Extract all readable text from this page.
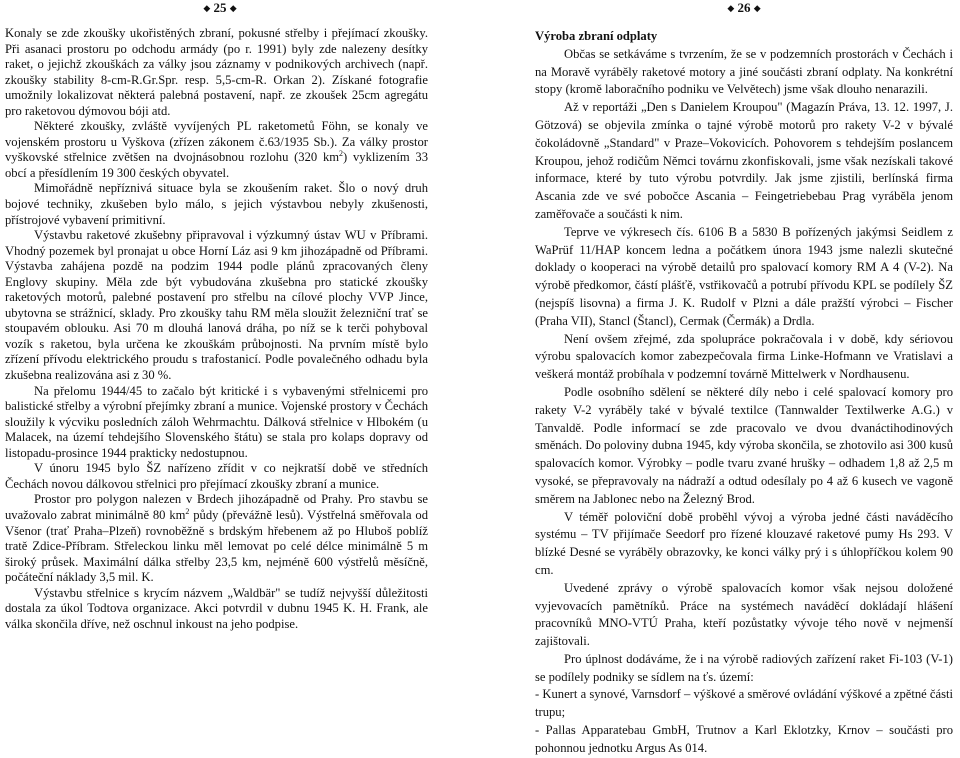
◆ 25 ◆

Konaly se zde zkoušky ukořistěných zbraní, pokusné střelby i přejímací zkoušky. Při asanaci prostoru po odchodu armády (po r. 1991) byly zde nalezeny desítky raket, o jejichž zkouškách za války jsou záznamy v podnikových archivech (např. zkoušky stability 8-cm-R.Gr.Spr. resp. 5,5-cm-R. Orkan 2). Získané fotografie umožnily lokalizovat některá palebná postavení, např. ze zkoušek 25cm agregátu pro raketovou dýmovou bóji atd.

Některé zkoušky, zvláště vyvíjených PL raketometů Föhn, se konaly ve vojenském prostoru u Vyškova (zřízen zákonem č.63/1935 Sb.). Za války prostor vyškovské střelnice zvětšen na dvojnásobnou rozlohu (320 $km^2$) vyklizením 33 obcí a přesídlením 19 300 českých obyvatel.

Mimořádně nepříznivá situace byla se zkoušením raket. Šlo o nový druh bojové techniky, zkušeben bylo málo, s jejich výstavbou nebyly zkušenosti, přístrojové vybavení primitivní.

Výstavbu raketové zkušebny připravoval i výzkumný ústav WU v Příbrami. Vhodný pozemek byl pronajat u obce Horní Láz asi 9 km jihozápadně od Příbrami. Výstavba zahájena pozdě na podzim 1944 podle plánů zpracovaných členy Englovy skupiny. Měla zde být vybudována zkušebna pro statické zkoušky raketových motorů, palebné postavení pro střelbu na cílové plochy VVP Jince, ubytovna se strážnicí, sklady. Pro zkoušky tahu RM měla sloužit železniční trať se stoupavém oblouku. Asi 70 m dlouhá lanová dráha, po níž se k terči pohyboval vozík s raketou, byla určena ke zkouškám průbojnosti. Na prvním místě bylo zřízení přívodu elektrického proudu s trafostanicí. Podle povalečného odhadu byla zkušebna realizována asi z 30 %.

Na přelomu 1944/45 to začalo být kritické i s vybavenými střelnicemi pro balistické střelby a výrobní přejímky zbraní a munice. Vojenské prostory v Čechách sloužily k výcviku posledních záloh Wehrmachtu. Dálková střelnice v Hlbokém (u Malacek, na území tehdejšího Slovenského štátu) se stala pro kolaps dopravy od listopadu-prosince 1944 prakticky nedostupnou.

V únoru 1945 bylo ŠZ nařízeno zřídit v co nejkratší době ve středních Čechách novou dálkovou střelnici pro přejímací zkoušky zbraní a munice.

Prostor pro polygon nalezen v Brdech jihozápadně od Prahy. Pro stavbu se uvažovalo zabrat minimálně 80 $km^2$ půdy (převážně lesů). Výstřelná směřovala od Všenor (trať Praha–Plzeň) rovnoběžně s brdským hřebenem až po Hluboš poblíž tratě Zdice-Příbram. Střeleckou linku měl lemovat po celé délce minimálně 5 m široký průsek. Maximální dálka střelby 23,5 km, nejméně 600 výstřelů měsíčně, počáteční náklady 3,5 mil. K.

Výstavbu střelnice s krycím názvem „Waldbär" se tudíž nejvyšší důležitosti dostala za úkol Todtova organizace. Akci potvrdil v dubnu 1945 K. H. Frank, ale válka skončila dříve, než oschnul inkoust na jeho podpise.

◆ 26 ◆

Výroba zbraní odplaty

Občas se setkáváme s tvrzením, že se v podzemních prostorách v Čechách i na Moravě vyráběly raketové motory a jiné součásti zbraní odplaty. Na konkrétní stopy (kromě laboračního podniku ve Velvětech) jsme však dlouho nenarazili.

Až v reportáži „Den s Danielem Kroupou" (Magazín Práva, 13. 12. 1997, J. Götzová) se objevila zmínka o tajné výrobě motorů pro rakety V-2 v bývalé čokoládovně „Standard" v Praze–Vokovicích. Pohovorem s tehdejším poslancem Kroupou, jehož rodičům Němci továrnu zkonfiskovali, jsme však nezískali takové informace, které by tuto výrobu potvrdily. Jak jsme zjistili, berlínská firma Ascania zde ve své pobočce Ascania – Feingetriebebau Prag vyráběla jenom zaměřovače a součásti k nim.

Teprve ve výkresech čís. 6106 B a 5830 B pořízených jakýmsi Seidlem z WaPrüf 11/HAP koncem ledna a počátkem února 1943 jsme nalezli skutečné doklady o kooperaci na výrobě detailů pro spalovací komory RM A 4 (V-2). Na výrobě předkomor, částí plášťě, vstřikovačů a potrubí přívodu KPL se podílely ŠZ (nejspíš lisovna) a firma J. K. Rudolf v Plzni a dále pražští výrobci – Fischer (Praha VII), Stancl (Štancl), Cermak (Čermák) a Drdla.

Není ovšem zřejmé, zda spolupráce pokračovala i v době, kdy sériovou výrobu spalovacích komor zabezpečovala firma Linke-Hofmann ve Vratislavi a veškerá montáž probíhala v podzemní továrně Mittelwerk v Nordhausenu.

Podle osobního sdělení se některé díly nebo i celé spalovací komory pro rakety V-2 vyráběly také v bývalé textilce (Tannwalder Textilwerke A.G.) v Tanvaldě. Podle informací se zde pracovalo ve dvou dvanáctihodinových směnách. Do poloviny dubna 1945, kdy výroba skončila, se zhotovilo asi 300 kusů spalovacích komor. Výrobky – podle tvaru zvané hrušky – odhadem 1,8 až 2,5 m vysoké, se přepravovaly na nádraží a odtud odesílaly po 4 až 6 kusech ve vagoně směrem na Jablonec nebo na Železný Brod.

V téměř poloviční době proběhl vývoj a výroba jedné části naváděcího systému – TV přijímače Seedorf pro řízené klouzavé raketové pumy Hs 293. V blízké Desné se vyráběly obrazovky, ke konci války prý i s úhlopříčkou kolem 90 cm.

Uvedené zprávy o výrobě spalovacích komor však nejsou doložené vyjevovacích pamětníků. Práce na systémech naváděcí dokládají hlášení pracovníků MNO-VTÚ Praha, kteří pozůstatky vývoje tého nově v nejmenší zajištovali.

Pro úplnost dodáváme, že i na výrobě radiových zařízení raket Fi-103 (V-1) se podílely podniky se sídlem na ťs. území:

- Kunert a synové, Varnsdorf – výškové a směrové ovládání výškové a zpětné části trupu;

- Pallas Apparatebau GmbH, Trutnov a Karl Eklotzky, Krnov – součásti pro pohonnou jednotku Argus As 014.
